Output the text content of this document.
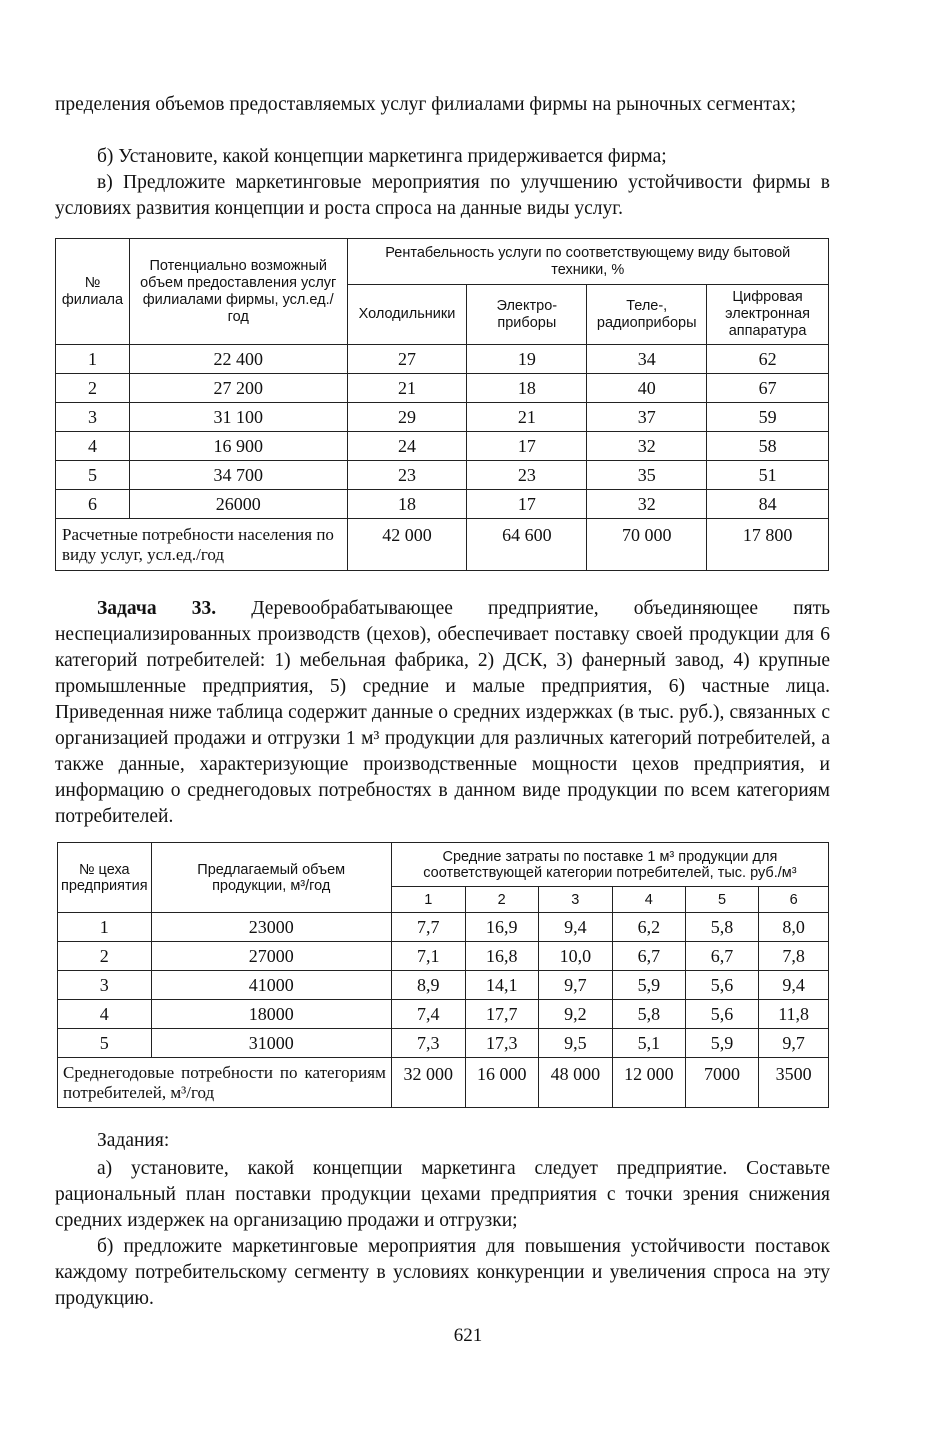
пределения объемов предоставляемых услуг филиалами фирмы на рыночных сегментах;
б) Установите, какой концепции маркетинга придерживается фирма;
в) Предложите маркетинговые мероприятия по улучшению устойчивости фирмы в условиях развития концепции и роста спроса на данные виды услуг.
№ филиала	Потенциально возможный объем предоставления услуг филиалами фирмы, усл.ед./год	Рентабельность услуги по соответствующему виду бытовой техники, %			
		Холодильники	Электро-приборы	Теле-, радиоприборы	Цифровая электронная аппаратура
1	22 400	27	19	34	62
2	27 200	21	18	40	67
3	31 100	29	21	37	59
4	16 900	24	17	32	58
5	34 700	23	23	35	51
6	26000	18	17	32	84
Расчетные потребности населения по виду услуг, усл.ед./год		42 000	64 600	70 000	17 800
Задача 33. Деревообрабатывающее предприятие, объединяющее пять неспециализированных производств (цехов), обеспечивает поставку своей продукции для 6 категорий потребителей: 1) мебельная фабрика, 2) ДСК, 3) фанерный завод, 4) крупные промышленные предприятия, 5) средние и малые предприятия, 6) частные лица. Приведенная ниже таблица содержит данные о средних издержках (в тыс. руб.), связанных с организацией продажи и отгрузки 1 м³ продукции для различных категорий потребителей, а также данные, характеризующие производственные мощности цехов предприятия, и информацию о среднегодовых потребностях в данном виде продукции по всем категориям потребителей.
№ цеха предприятия	Предлагаемый объем продукции, м³/год	Средние затраты по поставке 1 м³ продукции для соответствующей категории потребителей, тыс. руб./м³					
		1	2	3	4	5	6
1	23000	7,7	16,9	9,4	6,2	5,8	8,0
2	27000	7,1	16,8	10,0	6,7	6,7	7,8
3	41000	8,9	14,1	9,7	5,9	5,6	9,4
4	18000	7,4	17,7	9,2	5,8	5,6	11,8
5	31000	7,3	17,3	9,5	5,1	5,9	9,7
Среднегодовые потребности по категориям потребителей, м³/год		32 000	16 000	48 000	12 000	7000	3500
Задания:
а) установите, какой концепции маркетинга следует предприятие. Составьте рациональный план поставки продукции цехами предприятия с точки зрения снижения средних издержек на организацию продажи и отгрузки;
б) предложите маркетинговые мероприятия для повышения устойчивости поставок каждому потребительскому сегменту в условиях конкуренции и увеличения спроса на эту продукцию.
621
